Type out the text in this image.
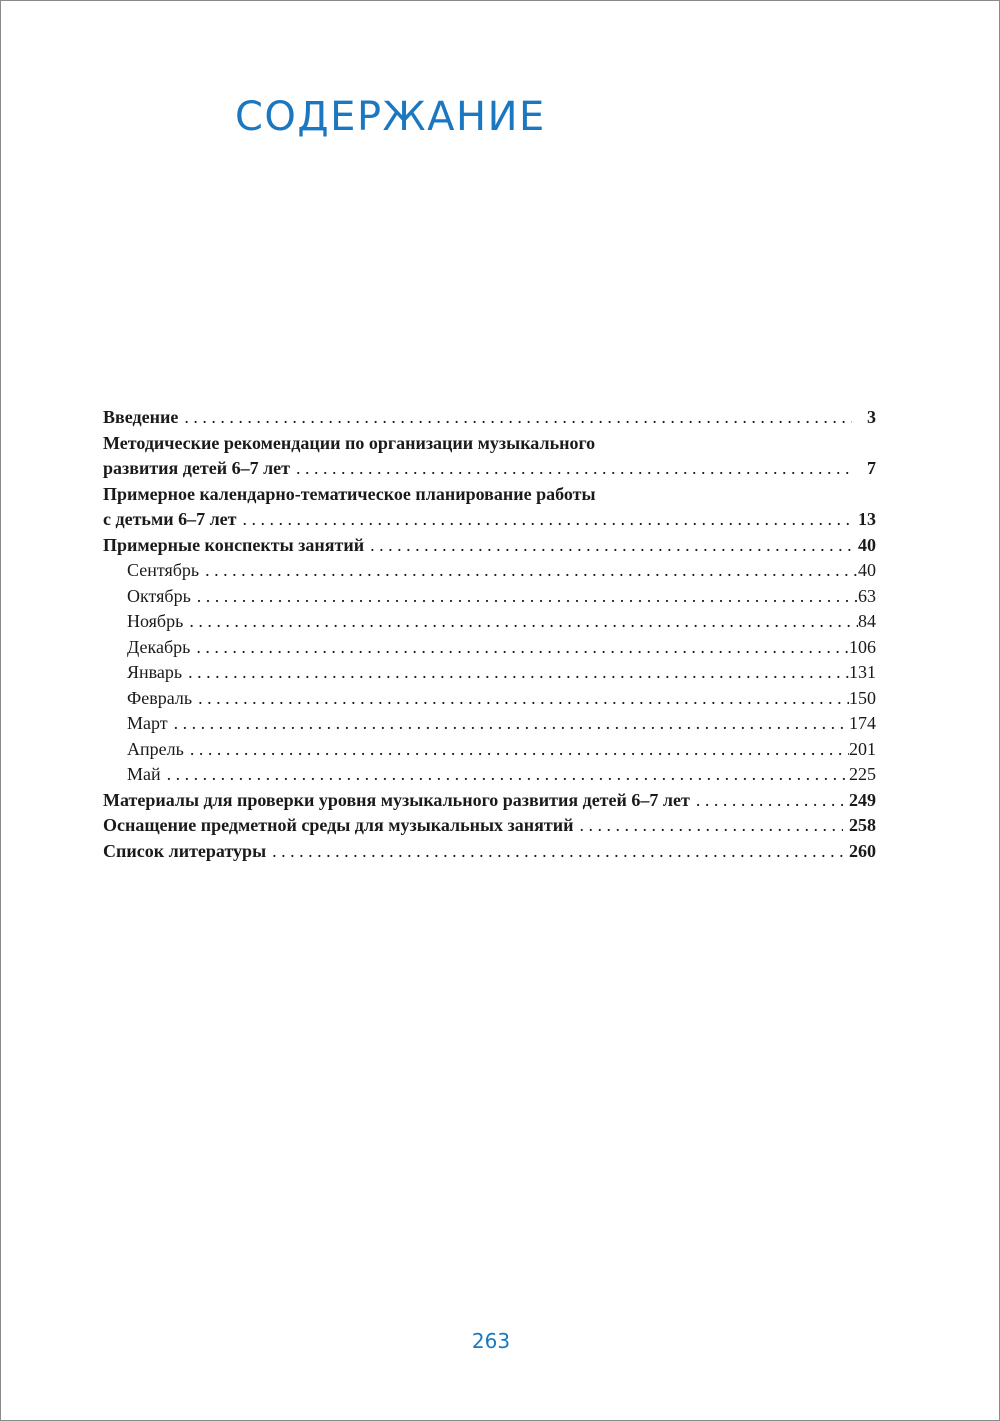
СОДЕРЖАНИЕ
Введение . . .	3
Методические рекомендации по организации музыкального
развития детей 6–7 лет . . .	7
Примерное календарно-тематическое планирование работы
с детьми 6–7 лет . . .	13
Примерные конспекты занятий . . .	40
Сентябрь . . .	40
Октябрь . . .	63
Ноябрь . . .	84
Декабрь . . .	106
Январь . . .	131
Февраль . . .	150
Март . . .	174
Апрель . . .	201
Май . . .	225
Материалы для проверки уровня музыкального развития детей 6–7 лет . . .	249
Оснащение предметной среды для музыкальных занятий . . .	258
Список литературы . . .	260
263
